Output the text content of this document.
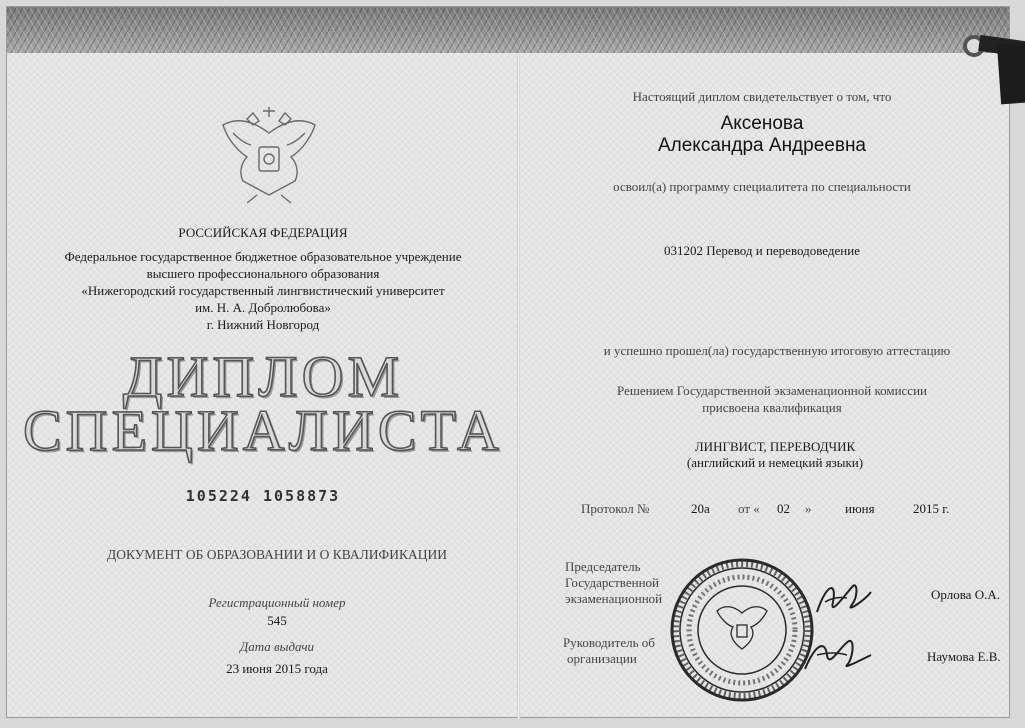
РОССИЙСКАЯ ФЕДЕРАЦИЯ
Федеральное государственное бюджетное образовательное учреждение
высшего профессионального образования
«Нижегородский государственный лингвистический университет
им. Н. А. Добролюбова»
г. Нижний Новгород
ДИПЛОМ
СПЕЦИАЛИСТА
105224 1058873
ДОКУМЕНТ ОБ ОБРАЗОВАНИИ И О КВАЛИФИКАЦИИ
Регистрационный номер
545
Дата выдачи
23 июня 2015 года
Настоящий диплом свидетельствует о том, что
Аксенова
Александра Андреевна
освоил(а) программу специалитета по специальности
031202 Перевод и переводоведение
и успешно прошел(ла) государственную итоговую аттестацию
Решением Государственной экзаменационной комиссии
присвоена квалификация
ЛИНГВИСТ, ПЕРЕВОДЧИК
(английский и немецкий языки)
Протокол №	20а от « 02 »	июня	2015 г.
Председатель
Государственной
экзаменационной	Орлова О.А.
Руководитель об
организации	Наумова Е.В.
